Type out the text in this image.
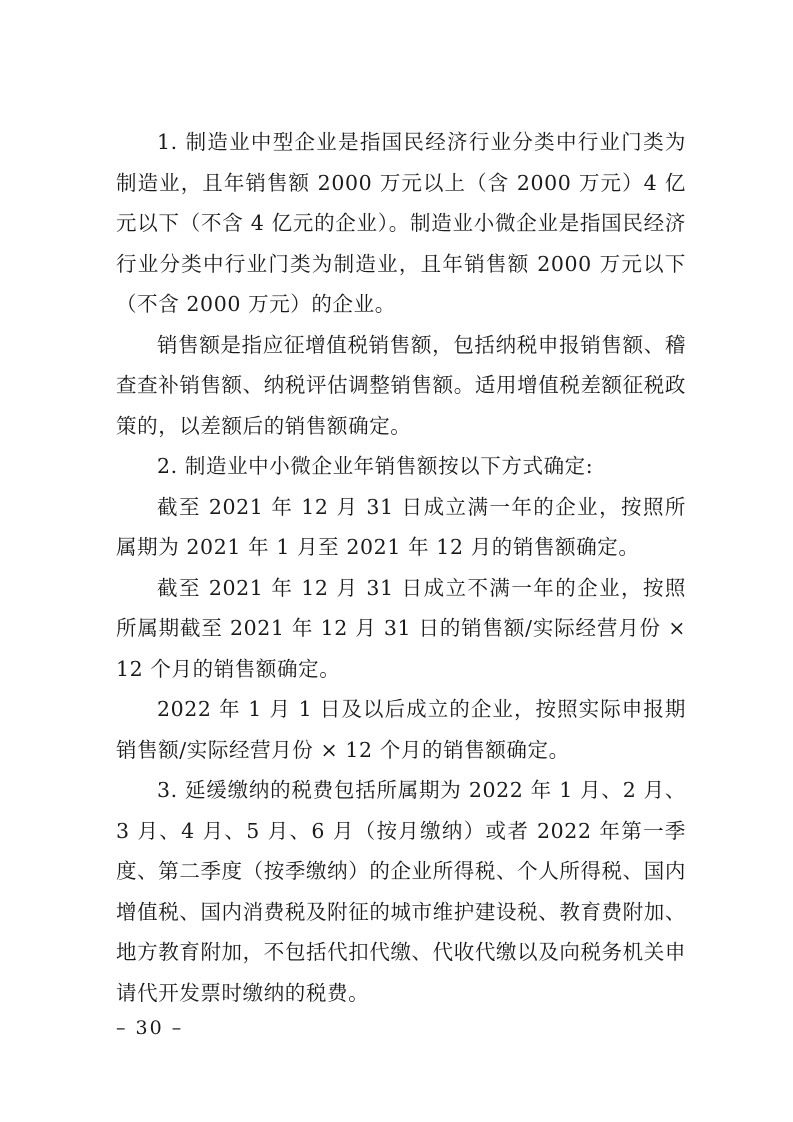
1. 制造业中型企业是指国民经济行业分类中行业门类为制造业，且年销售额 2000 万元以上（含 2000 万元）4 亿元以下（不含 4 亿元的企业）。制造业小微企业是指国民经济行业分类中行业门类为制造业，且年销售额 2000 万元以下（不含 2000 万元）的企业。

销售额是指应征增值税销售额，包括纳税申报销售额、稽查查补销售额、纳税评估调整销售额。适用增值税差额征税政策的，以差额后的销售额确定。

2. 制造业中小微企业年销售额按以下方式确定:

截至 2021 年 12 月 31 日成立满一年的企业，按照所属期为 2021 年 1 月至 2021 年 12 月的销售额确定。

截至 2021 年 12 月 31 日成立不满一年的企业，按照所属期截至 2021 年 12 月 31 日的销售额/实际经营月份 × 12 个月的销售额确定。

2022 年 1 月 1 日及以后成立的企业，按照实际申报期销售额/实际经营月份 × 12 个月的销售额确定。

3. 延缓缴纳的税费包括所属期为 2022 年 1 月、2 月、3 月、4 月、5 月、6 月（按月缴纳）或者 2022 年第一季度、第二季度（按季缴纳）的企业所得税、个人所得税、国内增值税、国内消费税及附征的城市维护建设税、教育费附加、地方教育附加，不包括代扣代缴、代收代缴以及向税务机关申请代开发票时缴纳的税费。

– 30 –
